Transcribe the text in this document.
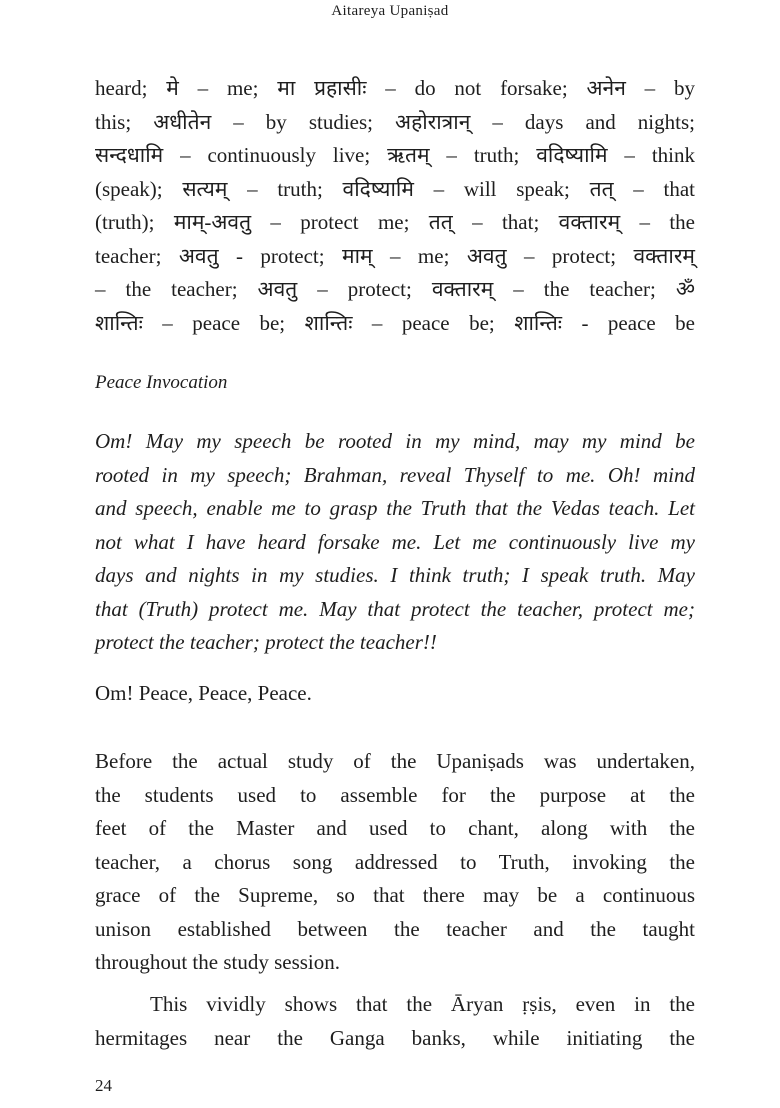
Aitareya Upaniṣad
heard; मे – me; मा प्रहासीः – do not forsake; अनेन – by
this; अधीतेन – by studies; अहोरात्रान् – days and nights;
सन्दधामि – continuously live; ऋतम् – truth; वदिष्यामि – think
(speak); सत्यम् – truth; वदिष्यामि – will speak; तत् – that
(truth); माम्-अवतु – protect me; तत् – that; वक्तारम् – the
teacher; अवतु - protect; माम् – me; अवतु – protect; वक्तारम्
– the teacher; अवतु – protect; वक्तारम् – the teacher; ॐ
शान्तिः – peace be; शान्तिः – peace be; शान्तिः - peace be
Peace Invocation
Om! May my speech be rooted in my mind, may my mind be
rooted in my speech; Brahman, reveal Thyself to me. Oh! mind
and speech, enable me to grasp the Truth that the Vedas teach. Let
not what I have heard forsake me. Let me continuously live my
days and nights in my studies. I think truth; I speak truth. May
that (Truth) protect me. May that protect the teacher, protect me;
protect the teacher; protect the teacher!!
Om! Peace, Peace, Peace.
Before the actual study of the Upaniṣads was undertaken,
the students used to assemble for the purpose at the
feet of the Master and used to chant, along with the
teacher, a chorus song addressed to Truth, invoking the
grace of the Supreme, so that there may be a continuous
unison established between the teacher and the taught
throughout the study session.
This vividly shows that the Āryan ṛṣis, even in the
hermitages near the Ganga banks, while initiating the
24
